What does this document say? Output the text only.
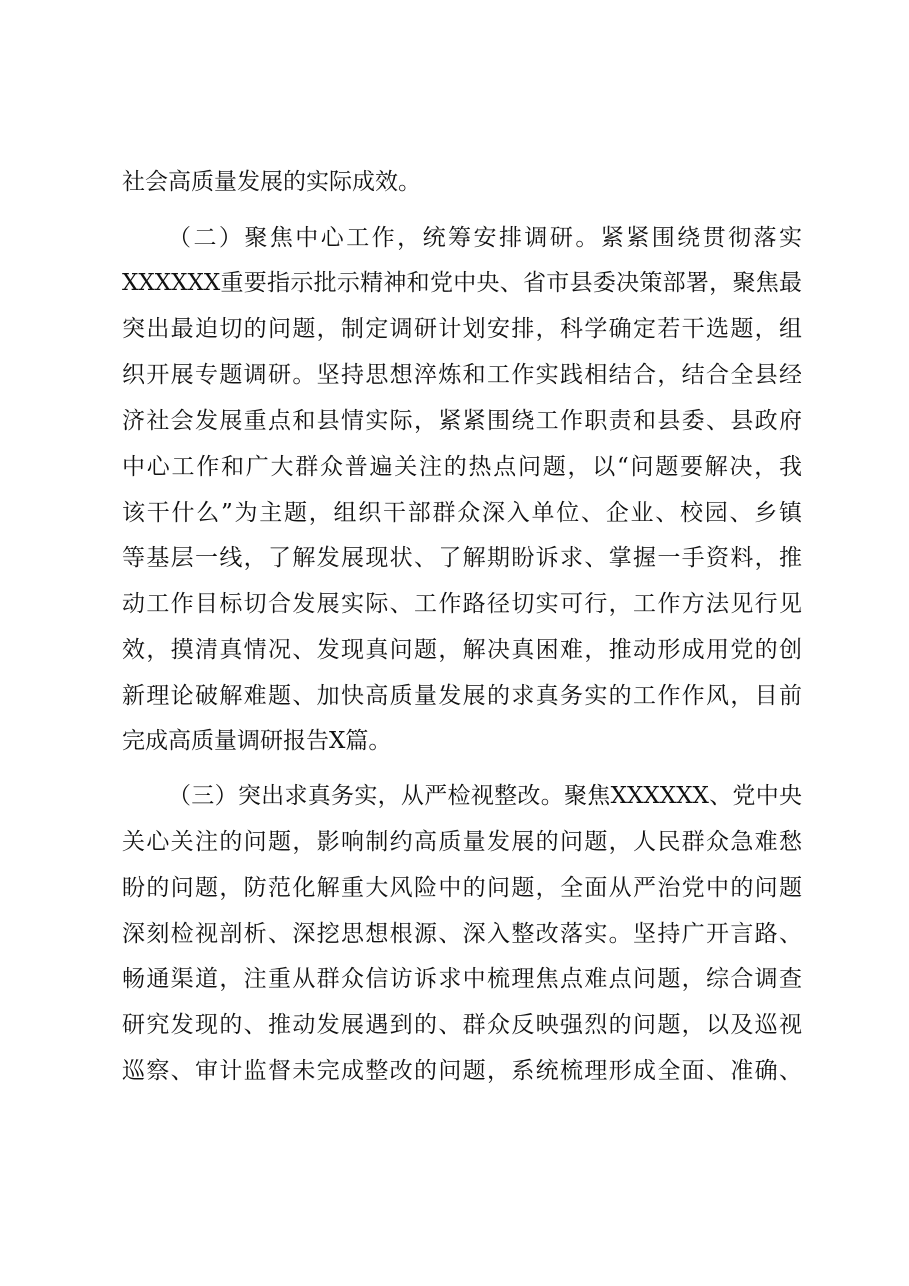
社会高质量发展的实际成效。
（二）聚焦中心工作，统筹安排调研。紧紧围绕贯彻落实
XXXXXX重要指示批示精神和党中央、省市县委决策部署，聚焦最
突出最迫切的问题，制定调研计划安排，科学确定若干选题，组
织开展专题调研。坚持思想淬炼和工作实践相结合，结合全县经
济社会发展重点和县情实际，紧紧围绕工作职责和县委、县政府
中心工作和广大群众普遍关注的热点问题，以“问题要解决，我
该干什么”为主题，组织干部群众深入单位、企业、校园、乡镇
等基层一线，了解发展现状、了解期盼诉求、掌握一手资料，推
动工作目标切合发展实际、工作路径切实可行，工作方法见行见
效，摸清真情况、发现真问题，解决真困难，推动形成用党的创
新理论破解难题、加快高质量发展的求真务实的工作作风，目前
完成高质量调研报告X篇。
（三）突出求真务实，从严检视整改。聚焦XXXXXX、党中央
关心关注的问题，影响制约高质量发展的问题，人民群众急难愁
盼的问题，防范化解重大风险中的问题，全面从严治党中的问题
深刻检视剖析、深挖思想根源、深入整改落实。坚持广开言路、
畅通渠道，注重从群众信访诉求中梳理焦点难点问题，综合调查
研究发现的、推动发展遇到的、群众反映强烈的问题，以及巡视
巡察、审计监督未完成整改的问题，系统梳理形成全面、准确、
